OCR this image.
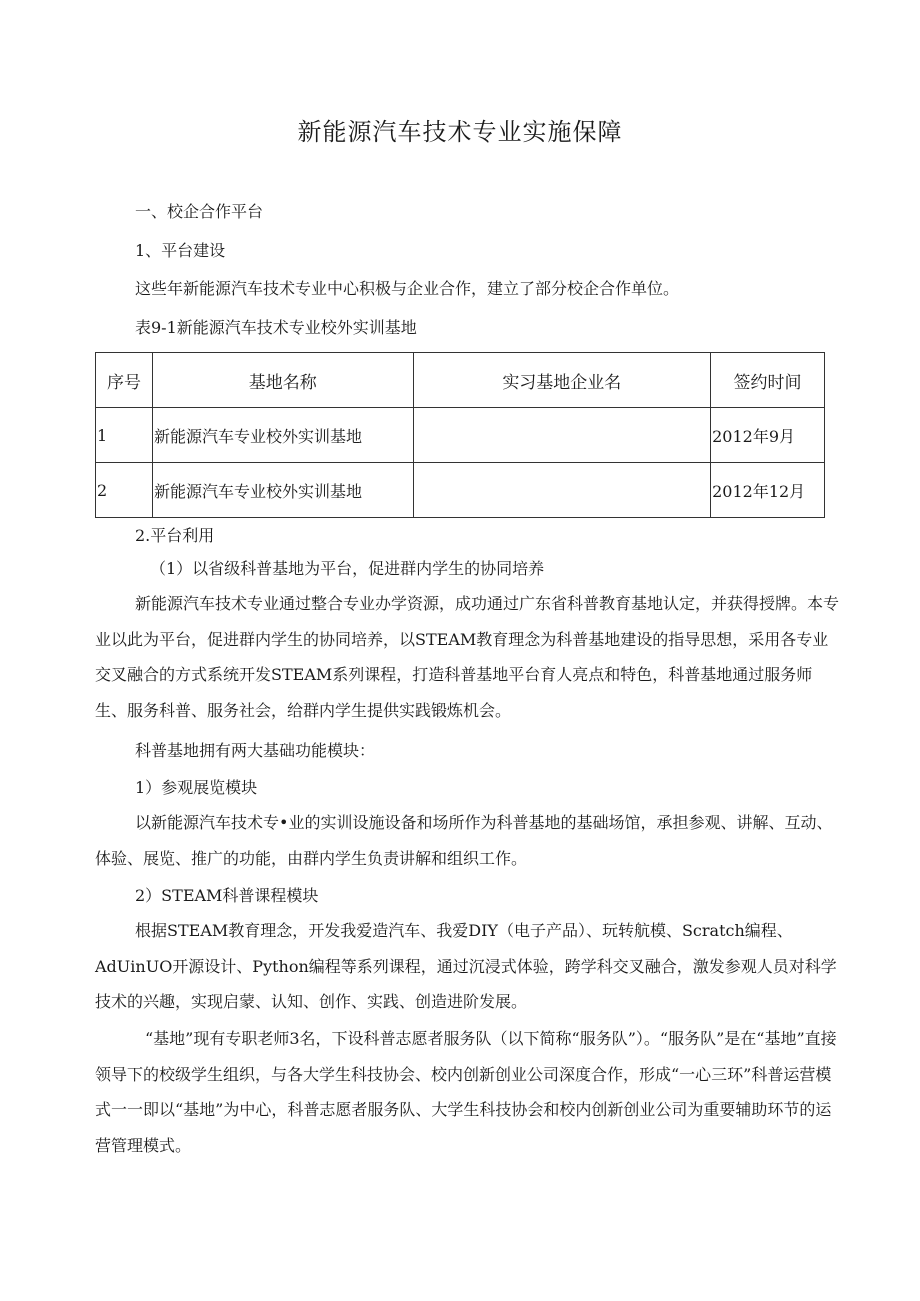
新能源汽车技术专业实施保障
一、校企合作平台
1、平台建设
这些年新能源汽车技术专业中心积极与企业合作，建立了部分校企合作单位。
表9-1新能源汽车技术专业校外实训基地
序号	基地名称	实习基地企业名	签约时间
1	新能源汽车专业校外实训基地		2012年9月
2	新能源汽车专业校外实训基地		2012年12月
2.平台利用
（1）以省级科普基地为平台，促进群内学生的协同培养
新能源汽车技术专业通过整合专业办学资源，成功通过广东省科普教育基地认定，并获得授牌。本专业以此为平台，促进群内学生的协同培养，以STEAM教育理念为科普基地建设的指导思想，采用各专业交叉融合的方式系统开发STEAM系列课程，打造科普基地平台育人亮点和特色，科普基地通过服务师生、服务科普、服务社会，给群内学生提供实践锻炼机会。
科普基地拥有两大基础功能模块：
1）参观展览模块
以新能源汽车技术专•业的实训设施设备和场所作为科普基地的基础场馆，承担参观、讲解、互动、体验、展览、推广的功能，由群内学生负责讲解和组织工作。
2）STEAM科普课程模块
根据STEAM教育理念，开发我爱造汽车、我爱DIY（电子产品）、玩转航模、Scratch编程、AdUinUO开源设计、Python编程等系列课程，通过沉浸式体验，跨学科交叉融合，激发参观人员对科学技术的兴趣，实现启蒙、认知、创作、实践、创造进阶发展。
“基地”现有专职老师3名，下设科普志愿者服务队（以下简称“服务队”）。“服务队”是在“基地”直接领导下的校级学生组织，与各大学生科技协会、校内创新创业公司深度合作，形成“一心三环”科普运营模式一一即以“基地”为中心，科普志愿者服务队、大学生科技协会和校内创新创业公司为重要辅助环节的运营管理模式。
